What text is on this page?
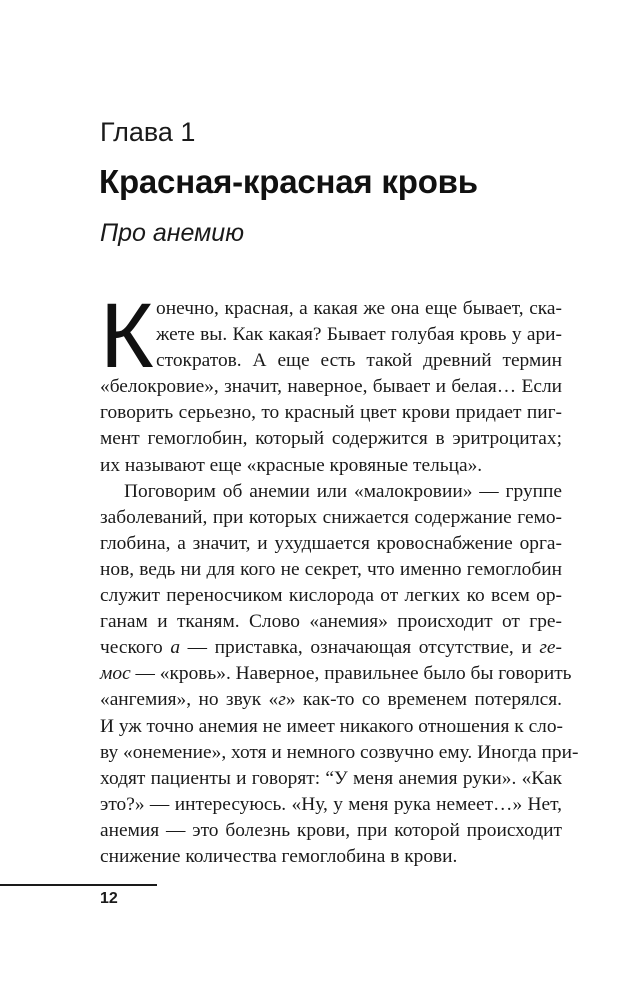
Глава 1
Красная-красная кровь
Про анемию
К онечно, красная, а какая же она еще бывает, ска-
жете вы. Как какая? Бывает голубая кровь у ари-
стократов. А еще есть такой древний термин
«белокровие», значит, наверное, бывает и белая… Если
говорить серьезно, то красный цвет крови придает пиг-
мент гемоглобин, который содержится в эритроцитах;
их называют еще «красные кровяные тельца».
Поговорим об анемии или «малокровии» — группе
заболеваний, при которых снижается содержание гемо-
глобина, а значит, и ухудшается кровоснабжение орга-
нов, ведь ни для кого не секрет, что именно гемоглобин
служит переносчиком кислорода от легких ко всем ор-
ганам и тканям. Слово «анемия» происходит от гре-
ческого а — приставка, означающая отсутствие, и ге-
мос — «кровь». Наверное, правильнее было бы говорить
«ангемия», но звук «г» как-то со временем потерялся.
И уж точно анемия не имеет никакого отношения к сло-
ву «онемение», хотя и немного созвучно ему. Иногда при-
ходят пациенты и говорят: “У меня анемия руки». «Как
это?» — интересуюсь. «Ну, у меня рука немеет…» Нет,
анемия — это болезнь крови, при которой происходит
снижение количества гемоглобина в крови.
12
